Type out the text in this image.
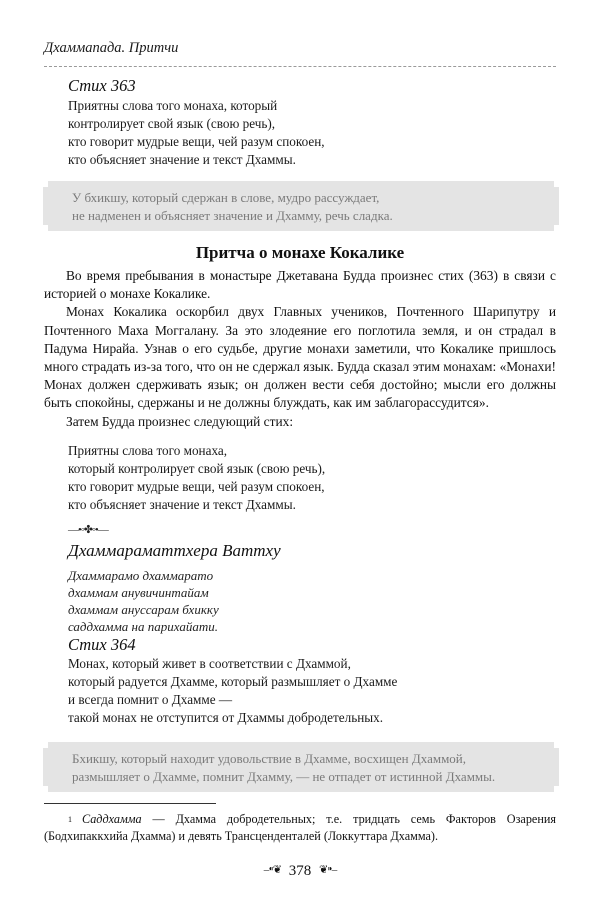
Дхаммапада. Притчи
Стих 363
Приятны слова того монаха, который
контролирует свой язык (свою речь),
кто говорит мудрые вещи, чей разум спокоен,
кто объясняет значение и текст Дхаммы.
У бхикшу, который сдержан в слове, мудро рассуждает,
не надменен и объясняет значение и Дхамму, речь сладка.
Притча о монахе Кокалике

Во время пребывания в монастыре Джетавана Будда произнес стих (363) в связи с историей о монахе Кокалике.

Монах Кокалика оскорбил двух Главных учеников, Почтенного Шарипутру и Почтенного Маха Моггалану. За это злодеяние его поглотила земля, и он страдал в Падума Нирайа. Узнав о его судьбе, другие монахи заметили, что Кокалике пришлось много страдать из-за того, что он не сдержал язык. Будда сказал этим монахам: «Монахи! Монах должен сдерживать язык; он должен вести себя достойно; мысли его должны быть спокойны, сдержаны и не должны блуждать, как им заблагорассудится».

Затем Будда произнес следующий стих:

Приятны слова того монаха,
который контролирует свой язык (свою речь),
кто говорит мудрые вещи, чей разум спокоен,
кто объясняет значение и текст Дхаммы.
—•◦✤◦•—
Дхаммараматтхера Ваттху
Дхаммарамо дхаммарато
дхаммам анувичинтайам
дхаммам ануссарам бхикку
саддхамма на парихайати.
Стих 364
Монах, который живет в соответствии с Дхаммой,
который радуется Дхамме, который размышляет о Дхамме
и всегда помнит о Дхамме —
такой монах не отступится от Дхаммы добродетельных.
Бхикшу, который находит удовольствие в Дхамме, восхищен Дхаммой,
размышляет о Дхамме, помнит Дхамму, — не отпадет от истинной Дхаммы.
$^1$ Саддхамма — Дхамма добродетельных; т.е. тридцать семь Факторов Озарения (Бодхипаккхийа Дхамма) и девять Трансценденталей (Локкуттара Дхамма).
–⁌❦ 378 ❦⁍–
